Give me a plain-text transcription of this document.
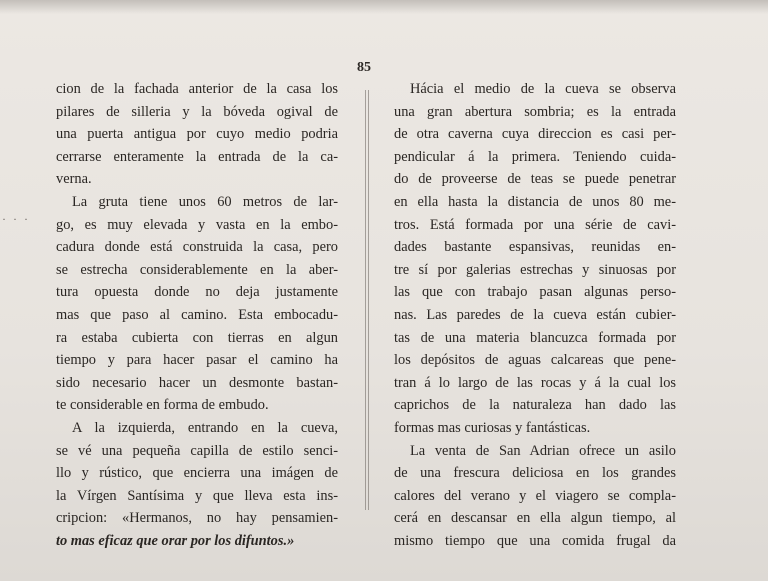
85
· · ·
cion de la fachada anterior de la casa los
pilares de silleria y la bóveda ogival de
una puerta antigua por cuyo medio podria
cerrarse enteramente la entrada de la ca-
verna.
La gruta tiene unos 60 metros de lar-
go, es muy elevada y vasta en la embo-
cadura donde está construida la casa, pero
se estrecha considerablemente en la aber-
tura opuesta donde no deja justamente
mas que paso al camino. Esta embocadu-
ra estaba cubierta con tierras en algun
tiempo y para hacer pasar el camino ha
sido necesario hacer un desmonte bastan-
te considerable en forma de embudo.
A la izquierda, entrando en la cueva,
se vé una pequeña capilla de estilo senci-
llo y rústico, que encierra una imágen de
la Vírgen Santísima y que lleva esta ins-
cripcion: «Hermanos, no hay pensamien-
to mas eficaz que orar por los difuntos.»
Hácia el medio de la cueva se observa
una gran abertura sombria; es la entrada
de otra caverna cuya direccion es casi per-
pendicular á la primera. Teniendo cuida-
do de proveerse de teas se puede penetrar
en ella hasta la distancia de unos 80 me-
tros. Está formada por una série de cavi-
dades bastante espansivas, reunidas en-
tre sí por galerias estrechas y sinuosas por
las que con trabajo pasan algunas perso-
nas. Las paredes de la cueva están cubier-
tas de una materia blancuzca formada por
los depósitos de aguas calcareas que pene-
tran á lo largo de las rocas y á la cual los
caprichos de la naturaleza han dado las
formas mas curiosas y fantásticas.
La venta de San Adrian ofrece un asilo
de una frescura deliciosa en los grandes
calores del verano y el viagero se compla-
cerá en descansar en ella algun tiempo, al
mismo tiempo que una comida frugal da
